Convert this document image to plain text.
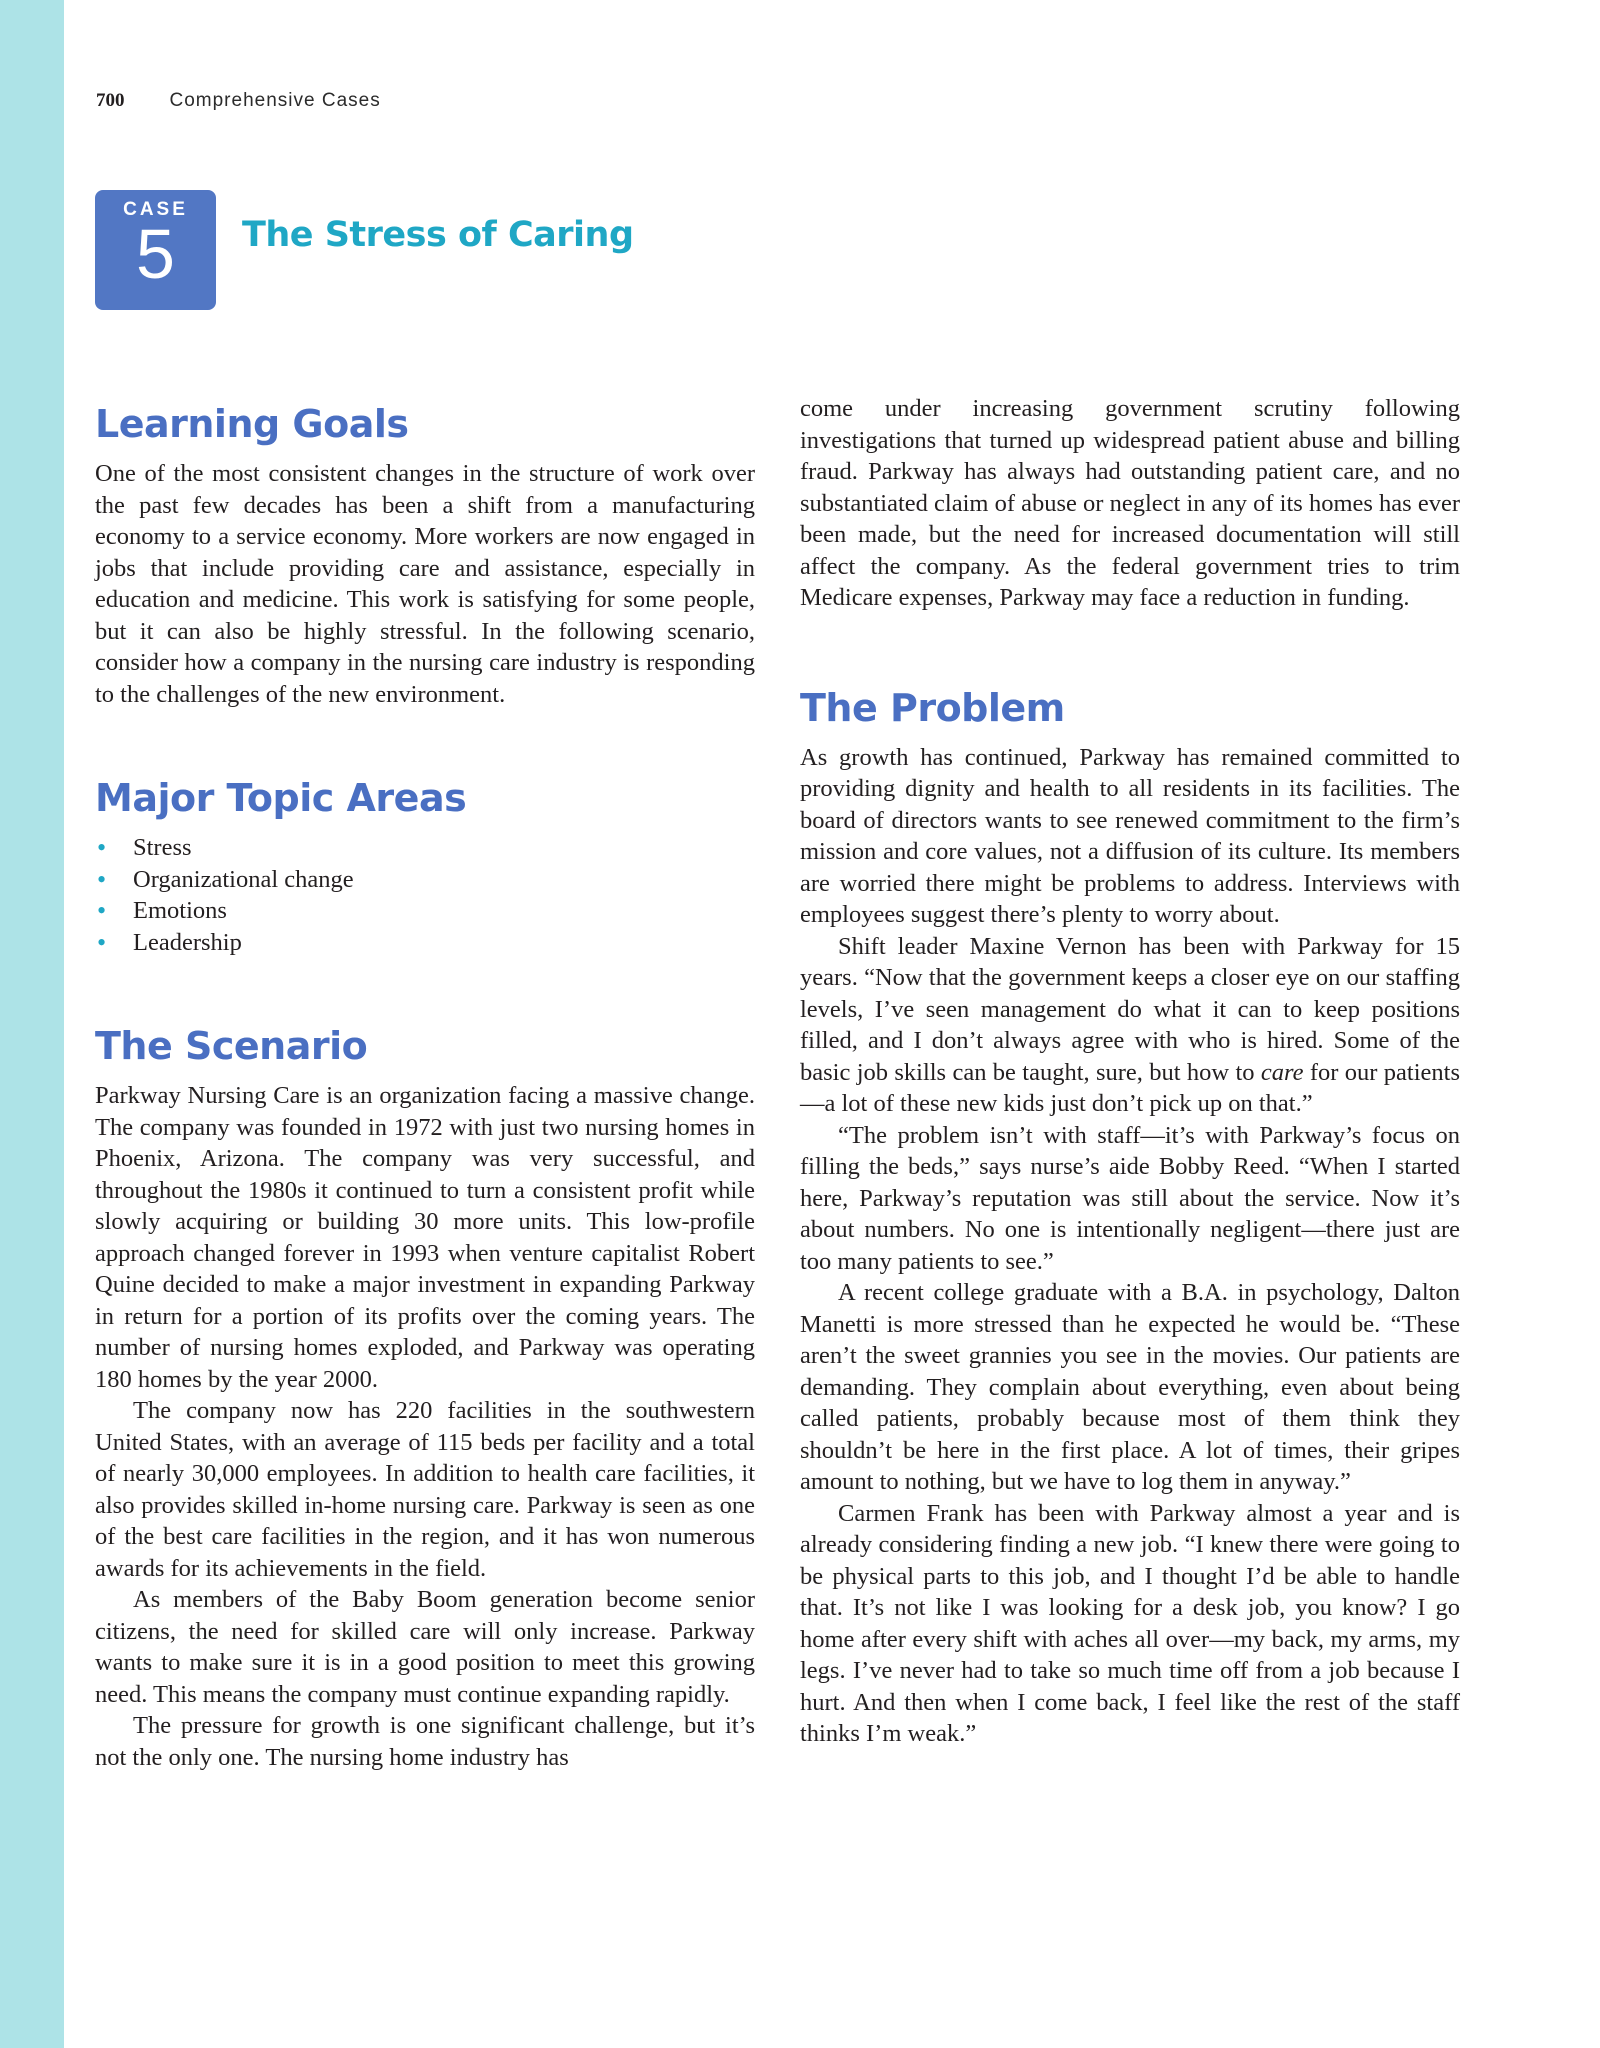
700 Comprehensive Cases
CASE
5	The Stress of Caring
Learning Goals

One of the most consistent changes in the structure of work over the past few decades has been a shift from a manufacturing economy to a service economy. More workers are now engaged in jobs that include providing care and assistance, especially in education and medicine. This work is satisfying for some people, but it can also be highly stressful. In the following scenario, consider how a company in the nursing care industry is responding to the challenges of the new environment.

Major Topic Areas
• Stress
• Organizational change
• Emotions
• Leadership
The Scenario

Parkway Nursing Care is an organization facing a massive change. The company was founded in 1972 with just two nursing homes in Phoenix, Arizona. The company was very successful, and throughout the 1980s it continued to turn a consistent profit while slowly acquiring or building 30 more units. This low-profile approach changed forever in 1993 when venture capitalist Robert Quine decided to make a major investment in expanding Parkway in return for a portion of its profits over the coming years. The number of nursing homes exploded, and Parkway was operating 180 homes by the year 2000.

The company now has 220 facilities in the southwestern United States, with an average of 115 beds per facility and a total of nearly 30,000 employees. In addition to health care facilities, it also provides skilled in-home nursing care. Parkway is seen as one of the best care facilities in the region, and it has won numerous awards for its achievements in the field.

As members of the Baby Boom generation become senior citizens, the need for skilled care will only increase. Parkway wants to make sure it is in a good position to meet this growing need. This means the company must continue expanding rapidly.

The pressure for growth is one significant challenge, but it’s not the only one. The nursing home industry has

come under increasing government scrutiny following investigations that turned up widespread patient abuse and billing fraud. Parkway has always had outstanding patient care, and no substantiated claim of abuse or neglect in any of its homes has ever been made, but the need for increased documentation will still affect the company. As the federal government tries to trim Medicare expenses, Parkway may face a reduction in funding.

The Problem

As growth has continued, Parkway has remained committed to providing dignity and health to all residents in its facilities. The board of directors wants to see renewed commitment to the firm’s mission and core values, not a diffusion of its culture. Its members are worried there might be problems to address. Interviews with employees suggest there’s plenty to worry about.

Shift leader Maxine Vernon has been with Parkway for 15 years. “Now that the government keeps a closer eye on our staffing levels, I’ve seen management do what it can to keep positions filled, and I don’t always agree with who is hired. Some of the basic job skills can be taught, sure, but how to care for our patients—a lot of these new kids just don’t pick up on that.”

“The problem isn’t with staff—it’s with Parkway’s focus on filling the beds,” says nurse’s aide Bobby Reed. “When I started here, Parkway’s reputation was still about the service. Now it’s about numbers. No one is intentionally negligent—there just are too many patients to see.”

A recent college graduate with a B.A. in psychology, Dalton Manetti is more stressed than he expected he would be. “These aren’t the sweet grannies you see in the movies. Our patients are demanding. They complain about everything, even about being called patients, probably because most of them think they shouldn’t be here in the first place. A lot of times, their gripes amount to nothing, but we have to log them in anyway.”

Carmen Frank has been with Parkway almost a year and is already considering finding a new job. “I knew there were going to be physical parts to this job, and I thought I’d be able to handle that. It’s not like I was looking for a desk job, you know? I go home after every shift with aches all over—my back, my arms, my legs. I’ve never had to take so much time off from a job because I hurt. And then when I come back, I feel like the rest of the staff thinks I’m weak.”
